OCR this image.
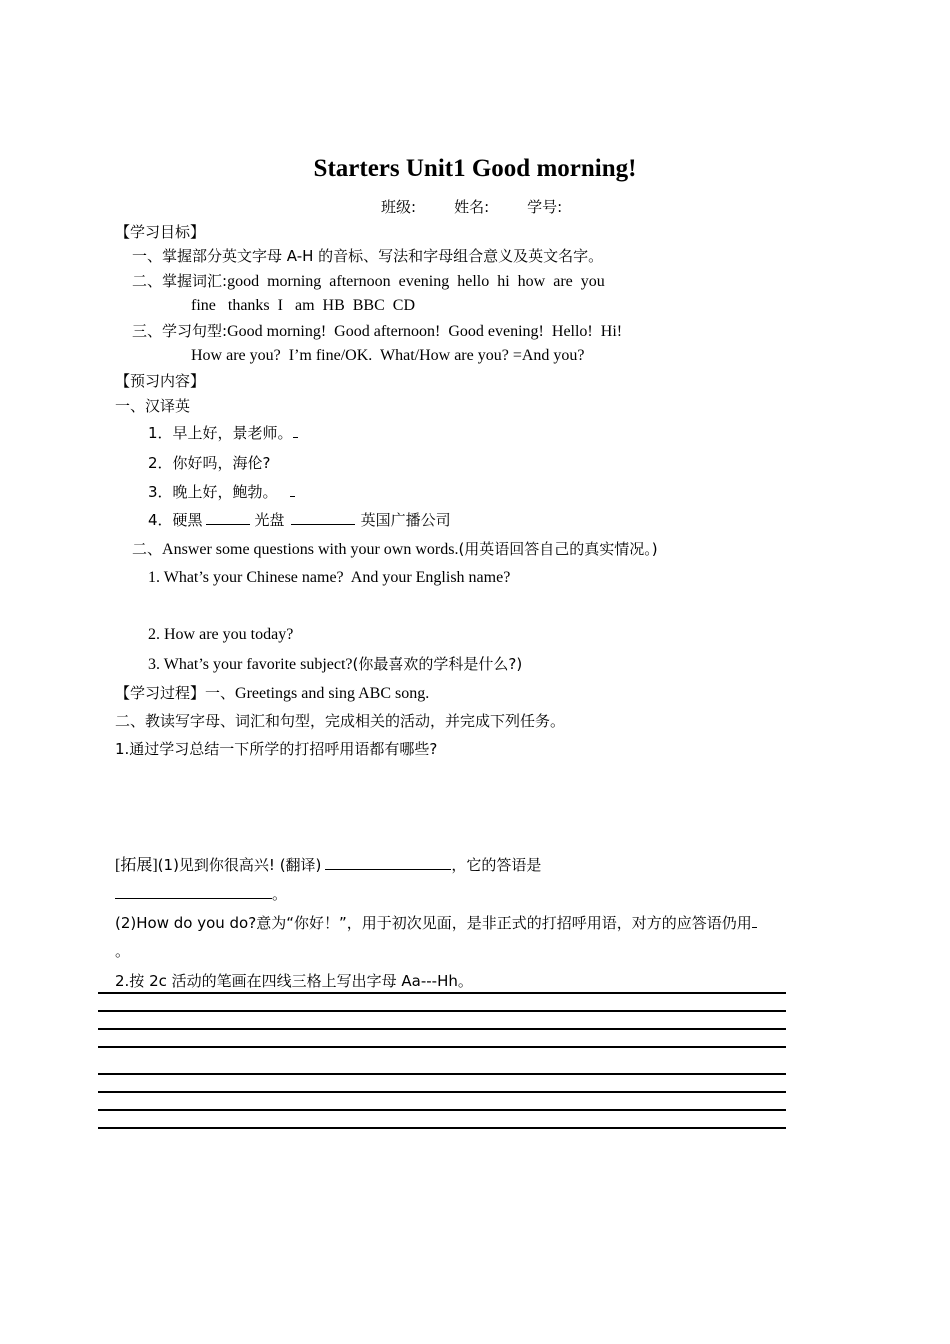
Starters Unit1 Good morning!
班级:	姓名:	学号:
【学习目标】
一、掌握部分英文字母 A-H 的音标、写法和字母组合意义及英文名字。
二、掌握词汇:good  morning  afternoon  evening  hello  hi  how  are  you
fine   thanks  I   am  HB  BBC  CD
三、学习句型:Good morning!  Good afternoon!  Good evening!  Hello!  Hi!
How are you?  I’m fine/OK.  What/How are you? =And you?
【预习内容】
一、汉译英
1．早上好，景老师。
2．你好吗，海伦?
3．晚上好，鲍勃。
4．硬黑	光盘	英国广播公司
二、Answer some questions with your own words.(用英语回答自己的真实情况。)
1. What’s your Chinese name?  And your English name?
2. How are you today?
3. What’s your favorite subject?(你最喜欢的学科是什么?)
【学习过程】一、Greetings and sing ABC song.
二、教读写字母、词汇和句型，完成相关的活动，并完成下列任务。
1.通过学习总结一下所学的打招呼用语都有哪些?
[拓展](1)见到你很高兴! (翻译)	，它的答语是
。
(2)How do you do?意为“你好！”，用于初次见面，是非正式的打招呼用语，对方的应答语仍用
。
2.按 2c 活动的笔画在四线三格上写出字母 Aa---Hh。
